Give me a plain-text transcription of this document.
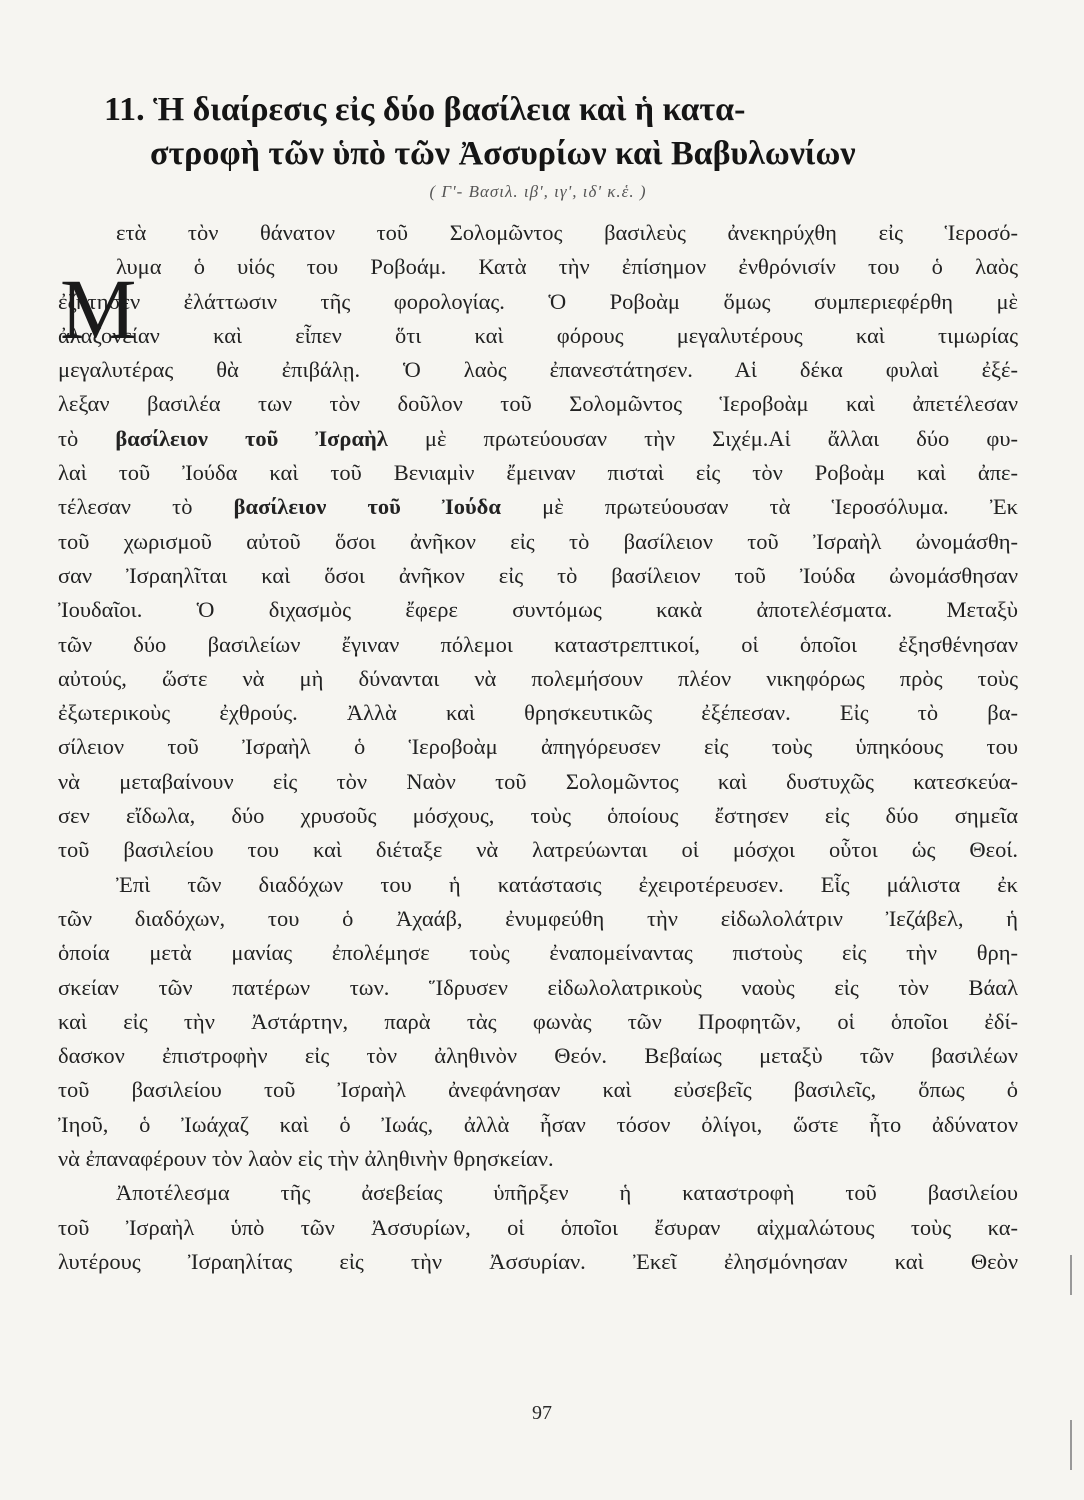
11. Ἡ διαίρεσις εἰς δύο βασίλεια καὶ ἡ κατα-
στροφὴ τῶν ὑπὸ τῶν Ἀσσυρίων καὶ Βαβυλωνίων
( Γ'- Βασιλ. ιβ', ιγ', ιδ' κ.ἑ. )
ετὰ τὸν θάνατον τοῦ Σολομῶντος βασιλεὺς ἀνεκηρύχθη εἰς Ἱεροσό-
λυμα ὁ υἱός του Ροβοάμ. Κατὰ τὴν ἐπίσημον ἐνθρόνισίν του ὁ λαὸς
ἐζήτησεν ἐλάττωσιν τῆς φορολογίας. Ὁ Ροβοὰμ ὅμως συμπεριεφέρθη μὲ
ἀλαζονείαν καὶ εἶπεν ὅτι καὶ φόρους μεγαλυτέρους καὶ τιμωρίας
μεγαλυτέρας θὰ ἐπιβάλῃ. Ὁ λαὸς ἐπανεστάτησεν. Αἱ δέκα φυλαὶ ἐξέ-
λεξαν βασιλέα των τὸν δοῦλον τοῦ Σολομῶντος Ἱεροβοὰμ καὶ ἀπετέλεσαν
τὸ βασίλειον τοῦ Ἰσραὴλ μὲ πρωτεύουσαν τὴν Σιχέμ.Αἱ ἄλλαι δύο φυ-
λαὶ τοῦ Ἰούδα καὶ τοῦ Βενιαμὶν ἔμειναν πισταὶ εἰς τὸν Ροβοὰμ καὶ ἀπε-
τέλεσαν τὸ βασίλειον τοῦ Ἰούδα μὲ πρωτεύουσαν τὰ Ἱεροσόλυμα. Ἐκ
τοῦ χωρισμοῦ αὐτοῦ ὅσοι ἀνῆκον εἰς τὸ βασίλειον τοῦ Ἰσραὴλ ὠνομάσθη-
σαν Ἰσραηλῖται καὶ ὅσοι ἀνῆκον εἰς τὸ βασίλειον τοῦ Ἰούδα ὠνομάσθησαν
Ἰουδαῖοι. Ὁ διχασμὸς ἔφερε συντόμως κακὰ ἀποτελέσματα. Μεταξὺ
τῶν δύο βασιλείων ἔγιναν πόλεμοι καταστρεπτικοί, οἱ ὁποῖοι ἐξησθένησαν
αὐτούς, ὥστε νὰ μὴ δύνανται νὰ πολεμήσουν πλέον νικηφόρως πρὸς τοὺς
ἐξωτερικοὺς ἐχθρούς. Ἀλλὰ καὶ θρησκευτικῶς ἐξέπεσαν. Εἰς τὸ βα-
σίλειον τοῦ Ἰσραὴλ ὁ Ἱεροβοὰμ ἀπηγόρευσεν εἰς τοὺς ὑπηκόους του
νὰ μεταβαίνουν εἰς τὸν Ναὸν τοῦ Σολομῶντος καὶ δυστυχῶς κατεσκεύα-
σεν εἴδωλα, δύο χρυσοῦς μόσχους, τοὺς ὁποίους ἔστησεν εἰς δύο σημεῖα
τοῦ βασιλείου του καὶ διέταξε νὰ λατρεύωνται οἱ μόσχοι οὗτοι ὡς Θεοί.
Ἐπὶ τῶν διαδόχων του ἡ κατάστασις ἐχειροτέρευσεν. Εἷς μάλιστα ἐκ
τῶν διαδόχων, του ὁ Ἀχαάβ, ἐνυμφεύθη τὴν εἰδωλολάτριν Ἰεζάβελ, ἡ
ὁποία μετὰ μανίας ἐπολέμησε τοὺς ἐναπομείναντας πιστοὺς εἰς τὴν θρη-
σκείαν τῶν πατέρων των. Ἵδρυσεν εἰδωλολατρικοὺς ναοὺς εἰς τὸν Βάαλ
καὶ εἰς τὴν Ἀστάρτην, παρὰ τὰς φωνὰς τῶν Προφητῶν, οἱ ὁποῖοι ἐδί-
δασκον ἐπιστροφὴν εἰς τὸν ἀληθινὸν Θεόν. Βεβαίως μεταξὺ τῶν βασιλέων
τοῦ βασιλείου τοῦ Ἰσραὴλ ἀνεφάνησαν καὶ εὐσεβεῖς βασιλεῖς, ὅπως ὁ
Ἰηοῦ, ὁ Ἰωάχαζ καὶ ὁ Ἰωάς, ἀλλὰ ἦσαν τόσον ὀλίγοι, ὥστε ἦτο ἀδύνατον
νὰ ἐπαναφέρουν τὸν λαὸν εἰς τὴν ἀληθινὴν θρησκείαν.
Ἀποτέλεσμα τῆς ἀσεβείας ὑπῆρξεν ἡ καταστροφὴ τοῦ βασιλείου
τοῦ Ἰσραὴλ ὑπὸ τῶν Ἀσσυρίων, οἱ ὁποῖοι ἔσυραν αἰχμαλώτους τοὺς κα-
λυτέρους Ἰσραηλίτας εἰς τὴν Ἀσσυρίαν. Ἐκεῖ ἐλησμόνησαν καὶ Θεὸν
Μ
97
